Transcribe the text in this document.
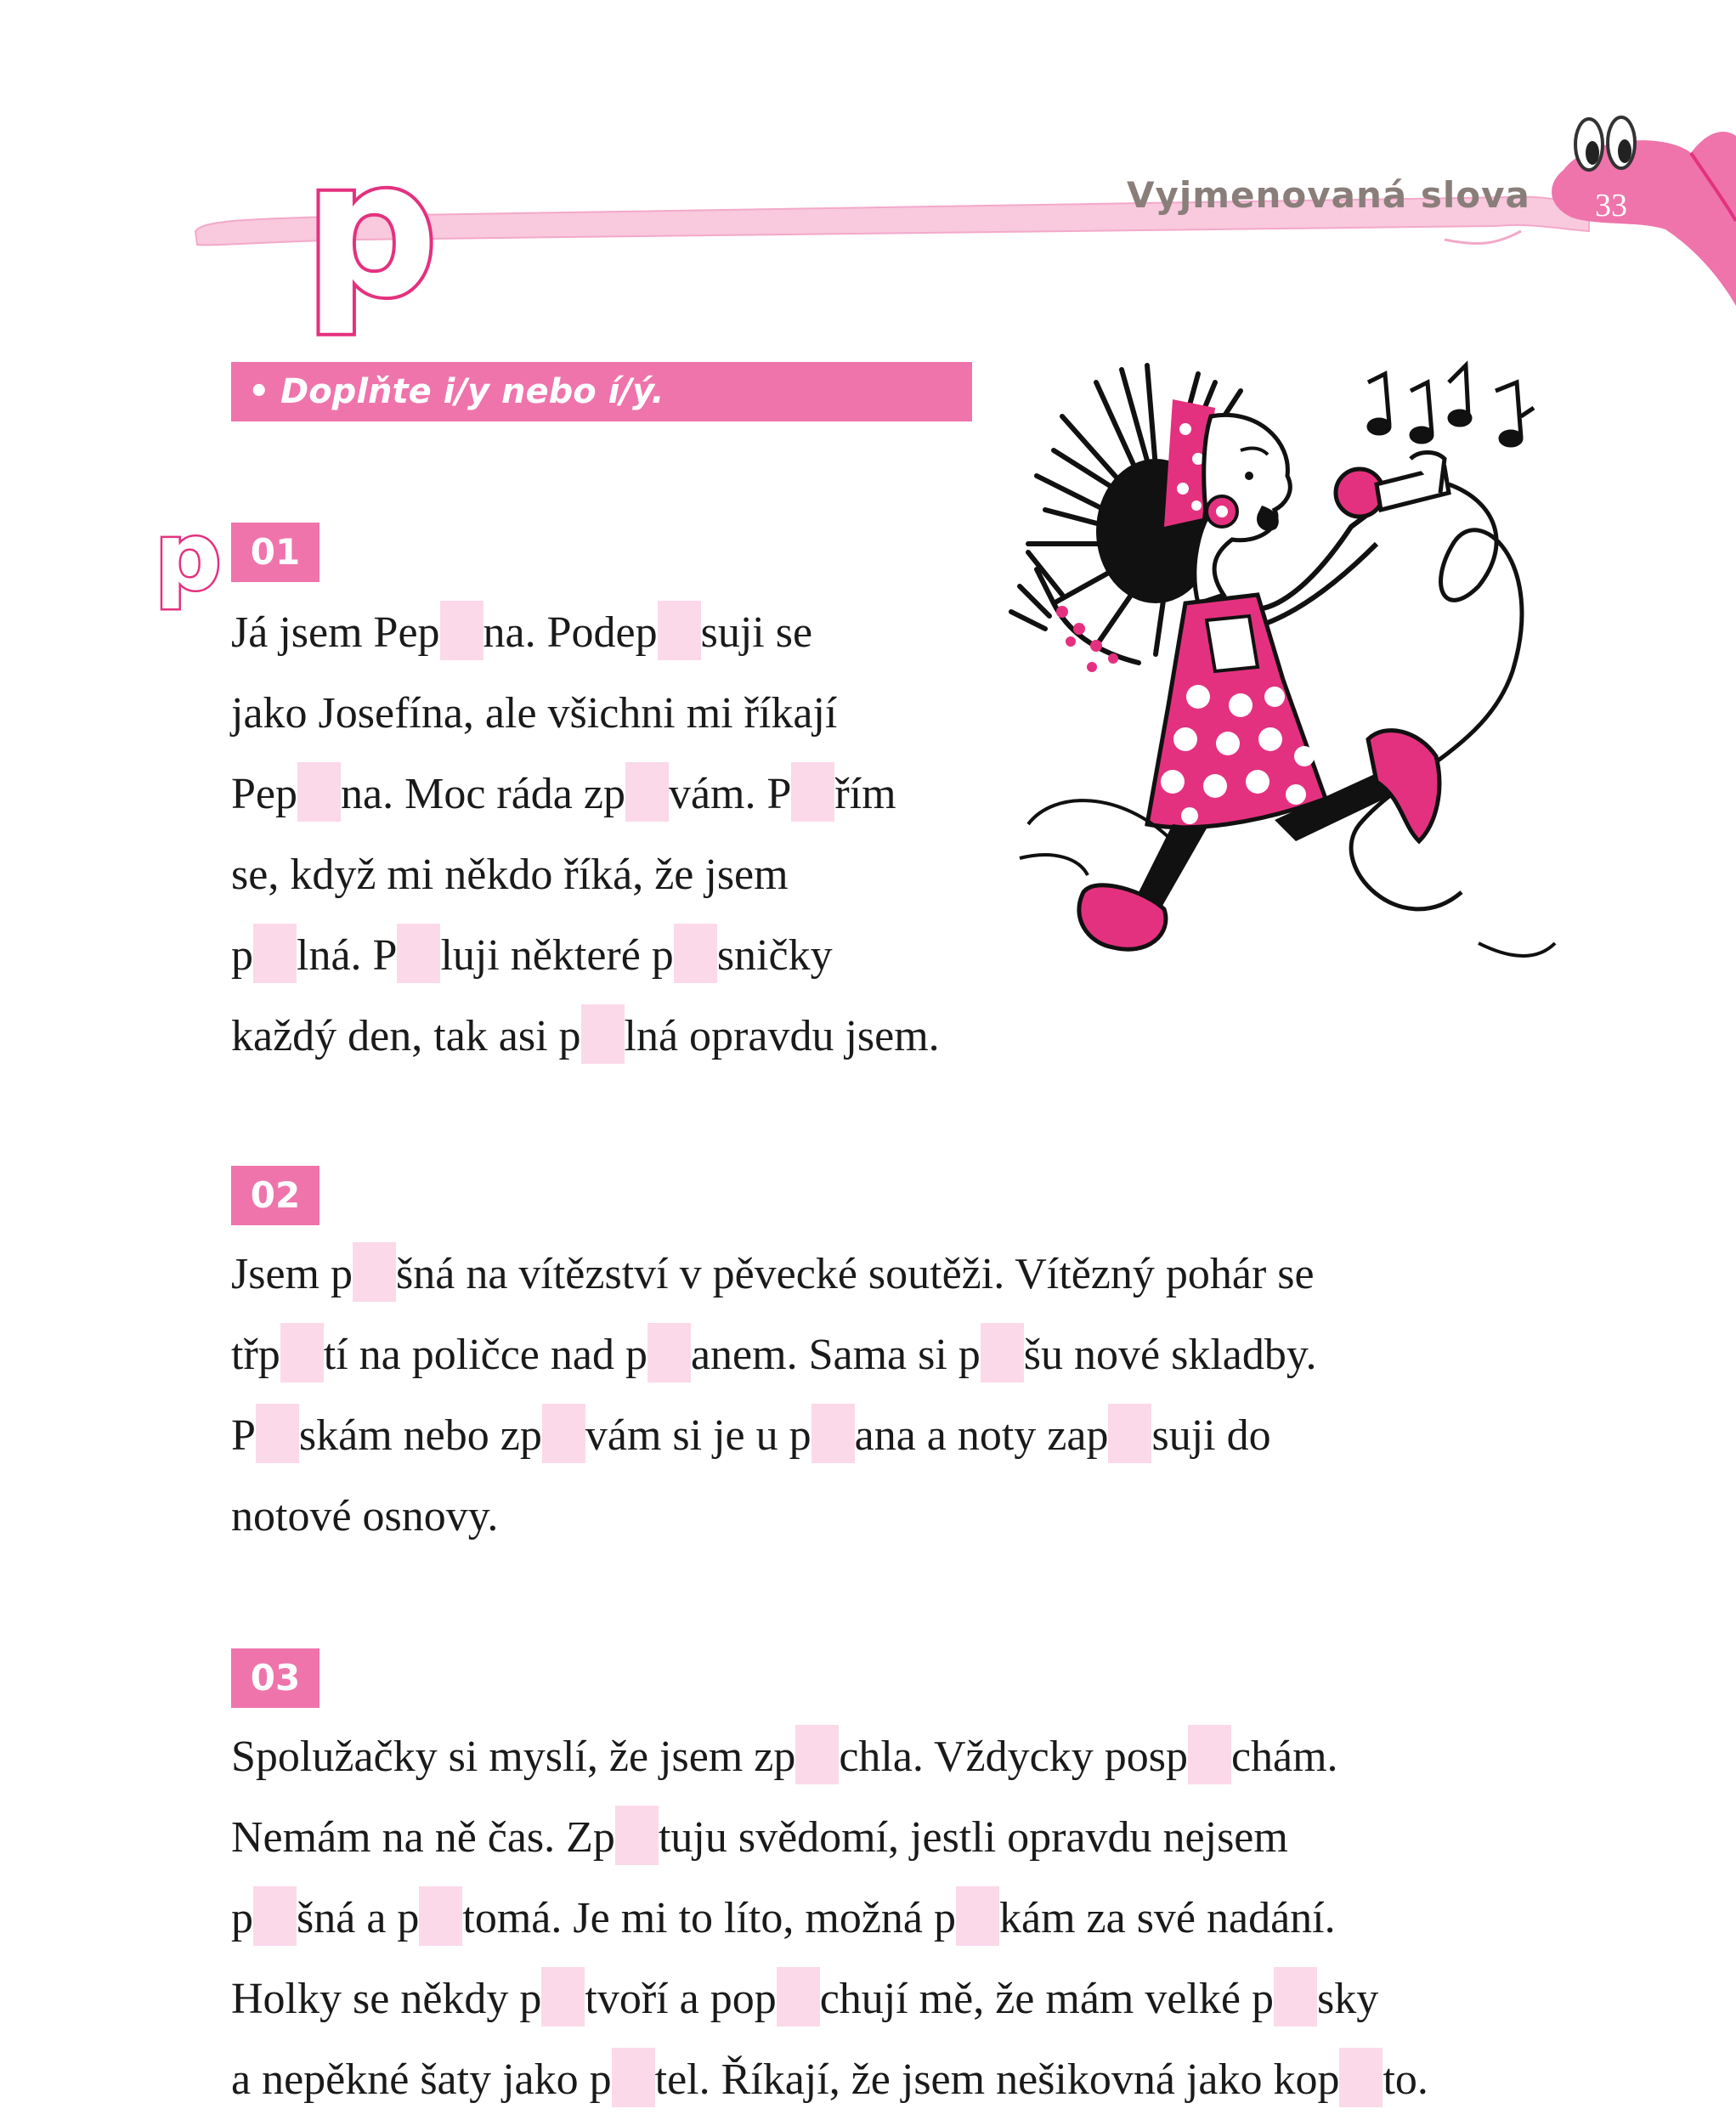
p	Vyjmenovaná slova	33
• Doplňte i/y nebo í/ý.
p 01

Já jsem Pep na. Podep suji se
jako Josefína, ale všichni mi říkají
Pep na. Moc ráda zp vám. P řím
se, když mi někdo říká, že jsem
p lná. P luji některé p sničky
každý den, tak asi p lná opravdu jsem.

02

Jsem p šná na vítězství v pěvecké soutěži. Vítězný pohár se
třp tí na poličce nad p anem. Sama si p šu nové skladby.
P skám nebo zp vám si je u p ana a noty zap suji do
notové osnovy.

03

Spolužačky si myslí, že jsem zp chla. Vždycky posp chám.
Nemám na ně čas. Zp tuju svědomí, jestli opravdu nejsem
p šná a p tomá. Je mi to líto, možná p kám za své nadání.
Holky se někdy p tvoří a pop chují mě, že mám velké p sky
a nepěkné šaty jako p tel. Říkají, že jsem nešikovná jako kop to.
